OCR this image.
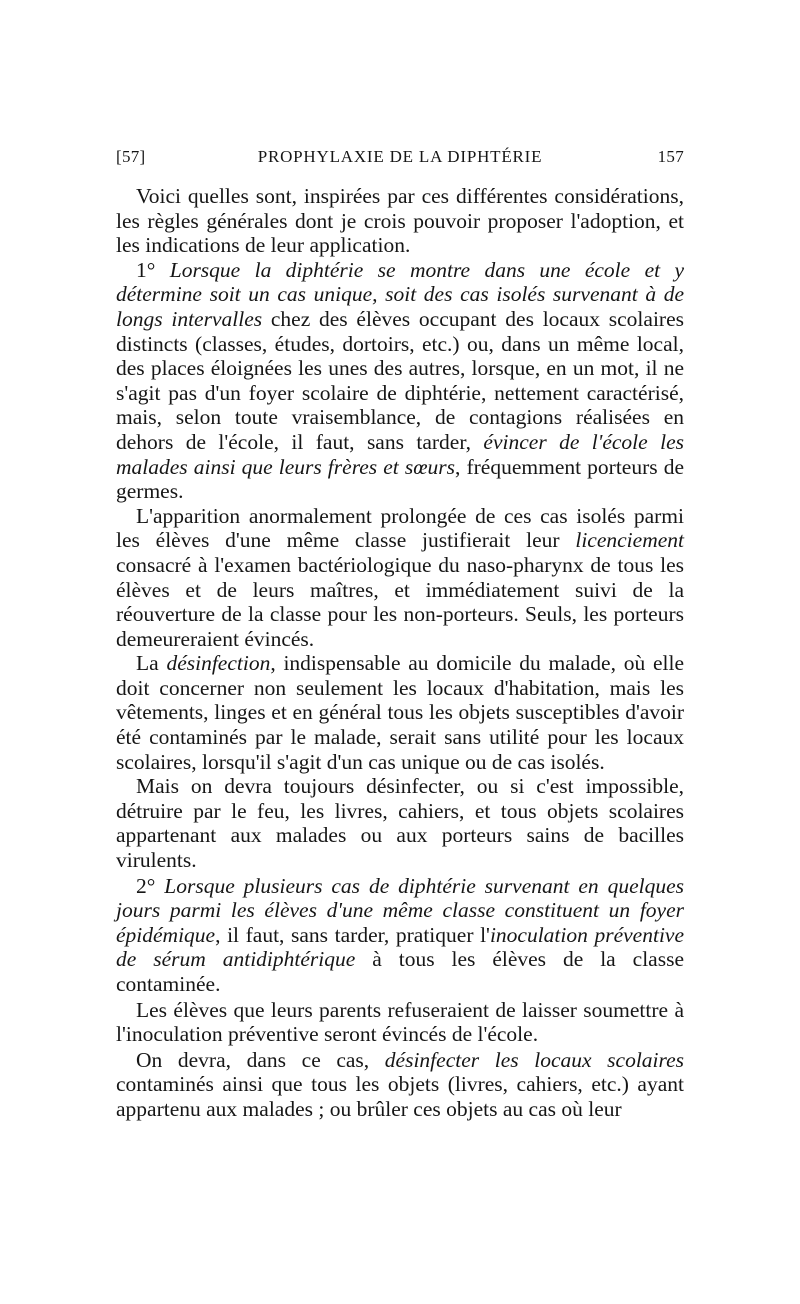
[57]	PROPHYLAXIE DE LA DIPHTÉRIE	157

Voici quelles sont, inspirées par ces différentes considérations, les règles générales dont je crois pouvoir proposer l'adoption, et les indications de leur application.

1° Lorsque la diphtérie se montre dans une école et y détermine soit un cas unique, soit des cas isolés survenant à de longs intervalles chez des élèves occupant des locaux scolaires distincts (classes, études, dortoirs, etc.) ou, dans un même local, des places éloignées les unes des autres, lorsque, en un mot, il ne s'agit pas d'un foyer scolaire de diphtérie, nettement caractérisé, mais, selon toute vraisemblance, de contagions réalisées en dehors de l'école, il faut, sans tarder, évincer de l'école les malades ainsi que leurs frères et sœurs, fréquemment porteurs de germes.

L'apparition anormalement prolongée de ces cas isolés parmi les élèves d'une même classe justifierait leur licenciement consacré à l'examen bactériologique du naso-pharynx de tous les élèves et de leurs maîtres, et immédiatement suivi de la réouverture de la classe pour les non-porteurs. Seuls, les porteurs demeureraient évincés.

La désinfection, indispensable au domicile du malade, où elle doit concerner non seulement les locaux d'habitation, mais les vêtements, linges et en général tous les objets susceptibles d'avoir été contaminés par le malade, serait sans utilité pour les locaux scolaires, lorsqu'il s'agit d'un cas unique ou de cas isolés.

Mais on devra toujours désinfecter, ou si c'est impossible, détruire par le feu, les livres, cahiers, et tous objets scolaires appartenant aux malades ou aux porteurs sains de bacilles virulents.

2° Lorsque plusieurs cas de diphtérie survenant en quelques jours parmi les élèves d'une même classe constituent un foyer épidémique, il faut, sans tarder, pratiquer l'inoculation préventive de sérum antidiphtérique à tous les élèves de la classe contaminée.

Les élèves que leurs parents refuseraient de laisser soumettre à l'inoculation préventive seront évincés de l'école.

On devra, dans ce cas, désinfecter les locaux scolaires contaminés ainsi que tous les objets (livres, cahiers, etc.) ayant appartenu aux malades ; ou brûler ces objets au cas où leur
